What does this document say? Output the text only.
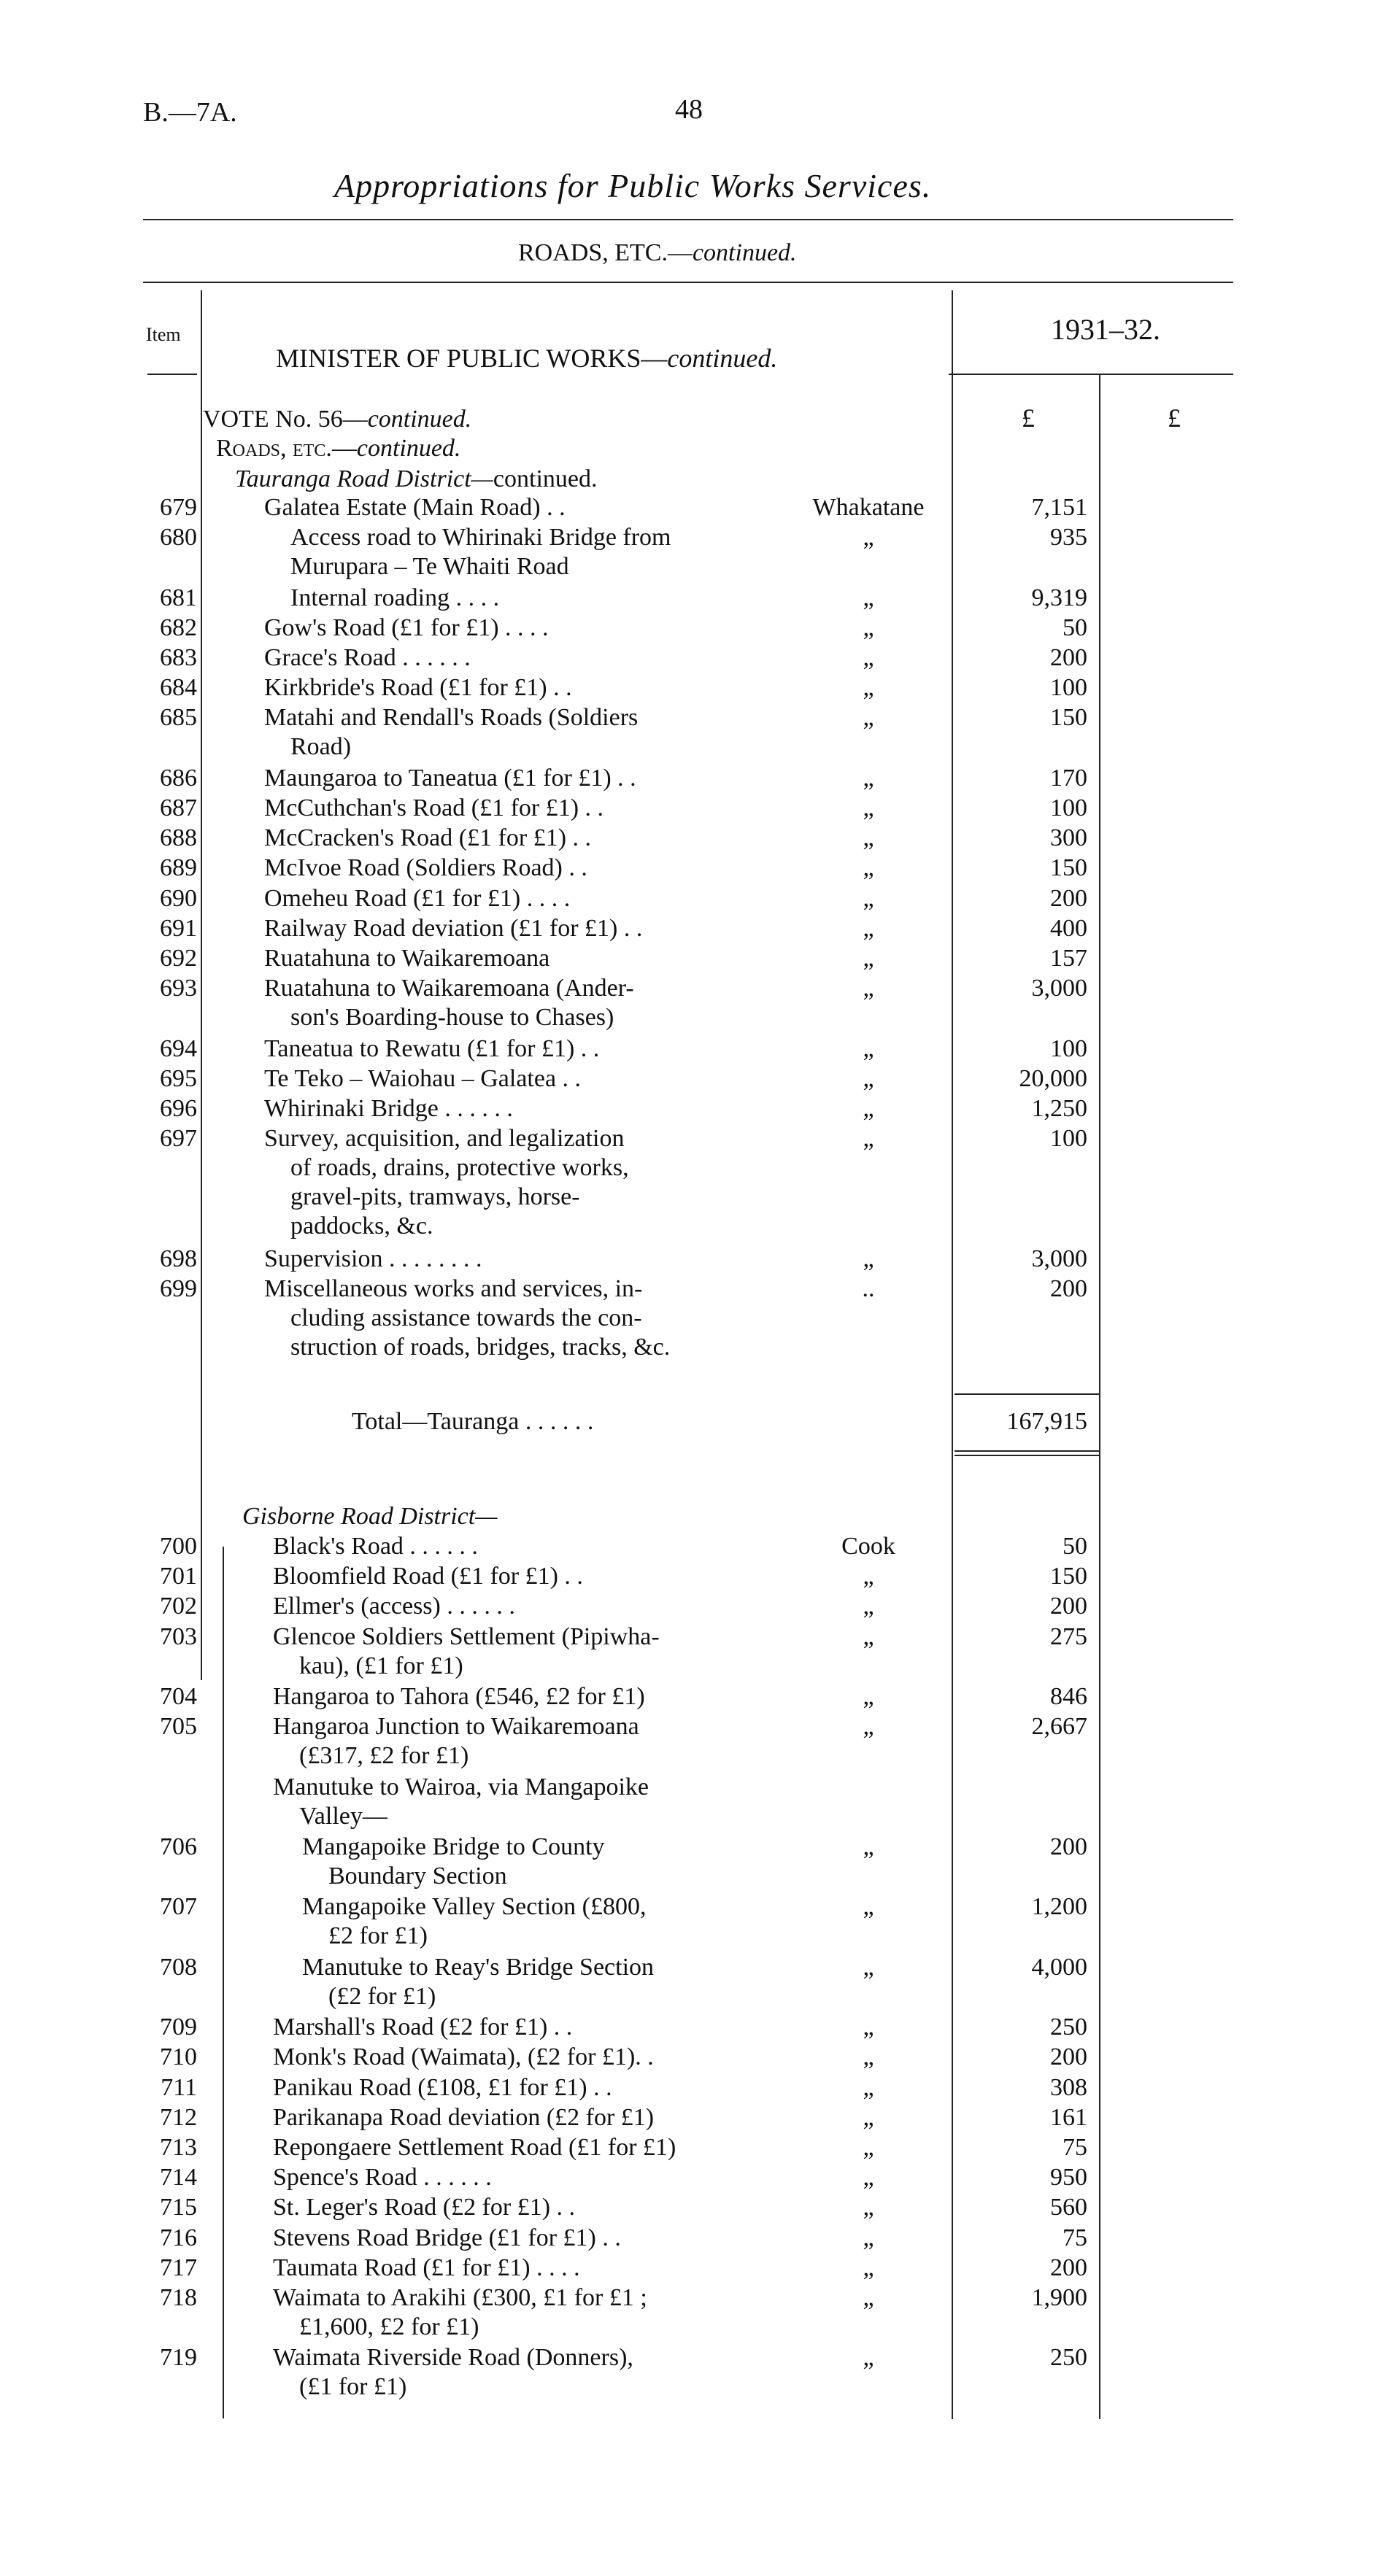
B.—7A.	48
Appropriations for Public Works Services.
ROADS, ETC.—continued.
Item
MINISTER OF PUBLIC WORKS—continued.
1931–32.
£	£
VOTE No. 56—continued.
Roads, etc.—continued.
Tauranga Road District—continued.
679	Galatea Estate (Main Road) . .	Whakatane	7,151
680	Access road to Whirinaki Bridge from
Murupara – Te Whaiti Road
„	935
681	Internal roading . . . .	„	9,319
682	Gow's Road (£1 for £1) . . . .	„	50
683	Grace's Road . . . . . .	„	200
684	Kirkbride's Road (£1 for £1) . .	„	100
685	Matahi and Rendall's Roads (Soldiers
Road)
„	150
686	Maungaroa to Taneatua (£1 for £1) . .	„	170
687	McCuthchan's Road (£1 for £1) . .	„	100
688	McCracken's Road (£1 for £1) . .	„	300
689	McIvoe Road (Soldiers Road) . .	„	150
690	Omeheu Road (£1 for £1) . . . .	„	200
691	Railway Road deviation (£1 for £1) . .	„	400
692	Ruatahuna to Waikaremoana	„	157
693	Ruatahuna to Waikaremoana (Ander-
son's Boarding-house to Chases)
„	3,000
694	Taneatua to Rewatu (£1 for £1) . .	„	100
695	Te Teko – Waiohau – Galatea . .	„	20,000
696	Whirinaki Bridge . . . . . .	„	1,250
697	Survey, acquisition, and legalization
of roads, drains, protective works,
gravel-pits, tramways, horse-
paddocks, &c.
„	100
698	Supervision . . . . . . . .	„	3,000
699	Miscellaneous works and services, in-
cluding assistance towards the con-
struction of roads, bridges, tracks, &c.
..	200
Total—Tauranga . . . . . .	167,915
Gisborne Road District—
700	Black's Road . . . . . .	Cook	50
701	Bloomfield Road (£1 for £1) . .	„	150
702	Ellmer's (access) . . . . . .	„	200
703	Glencoe Soldiers Settlement (Pipiwha-
kau), (£1 for £1)
„	275
704	Hangaroa to Tahora (£546, £2 for £1)	„	846
705	Hangaroa Junction to Waikaremoana
(£317, £2 for £1)
„	2,667
Manutuke to Wairoa, via Mangapoike
Valley—
706	Mangapoike Bridge to County
Boundary Section
„	200
707	Mangapoike Valley Section (£800,
£2 for £1)
„	1,200
708	Manutuke to Reay's Bridge Section
(£2 for £1)
„	4,000
709	Marshall's Road (£2 for £1) . .	„	250
710	Monk's Road (Waimata), (£2 for £1). .	„	200
711	Panikau Road (£108, £1 for £1) . .	„	308
712	Parikanapa Road deviation (£2 for £1)	„	161
713	Repongaere Settlement Road (£1 for £1)	„	75
714	Spence's Road . . . . . .	„	950
715	St. Leger's Road (£2 for £1) . .	„	560
716	Stevens Road Bridge (£1 for £1) . .	„	75
717	Taumata Road (£1 for £1) . . . .	„	200
718	Waimata to Arakihi (£300, £1 for £1 ;
£1,600, £2 for £1)
„	1,900
719	Waimata Riverside Road (Donners),
(£1 for £1)
„	250
